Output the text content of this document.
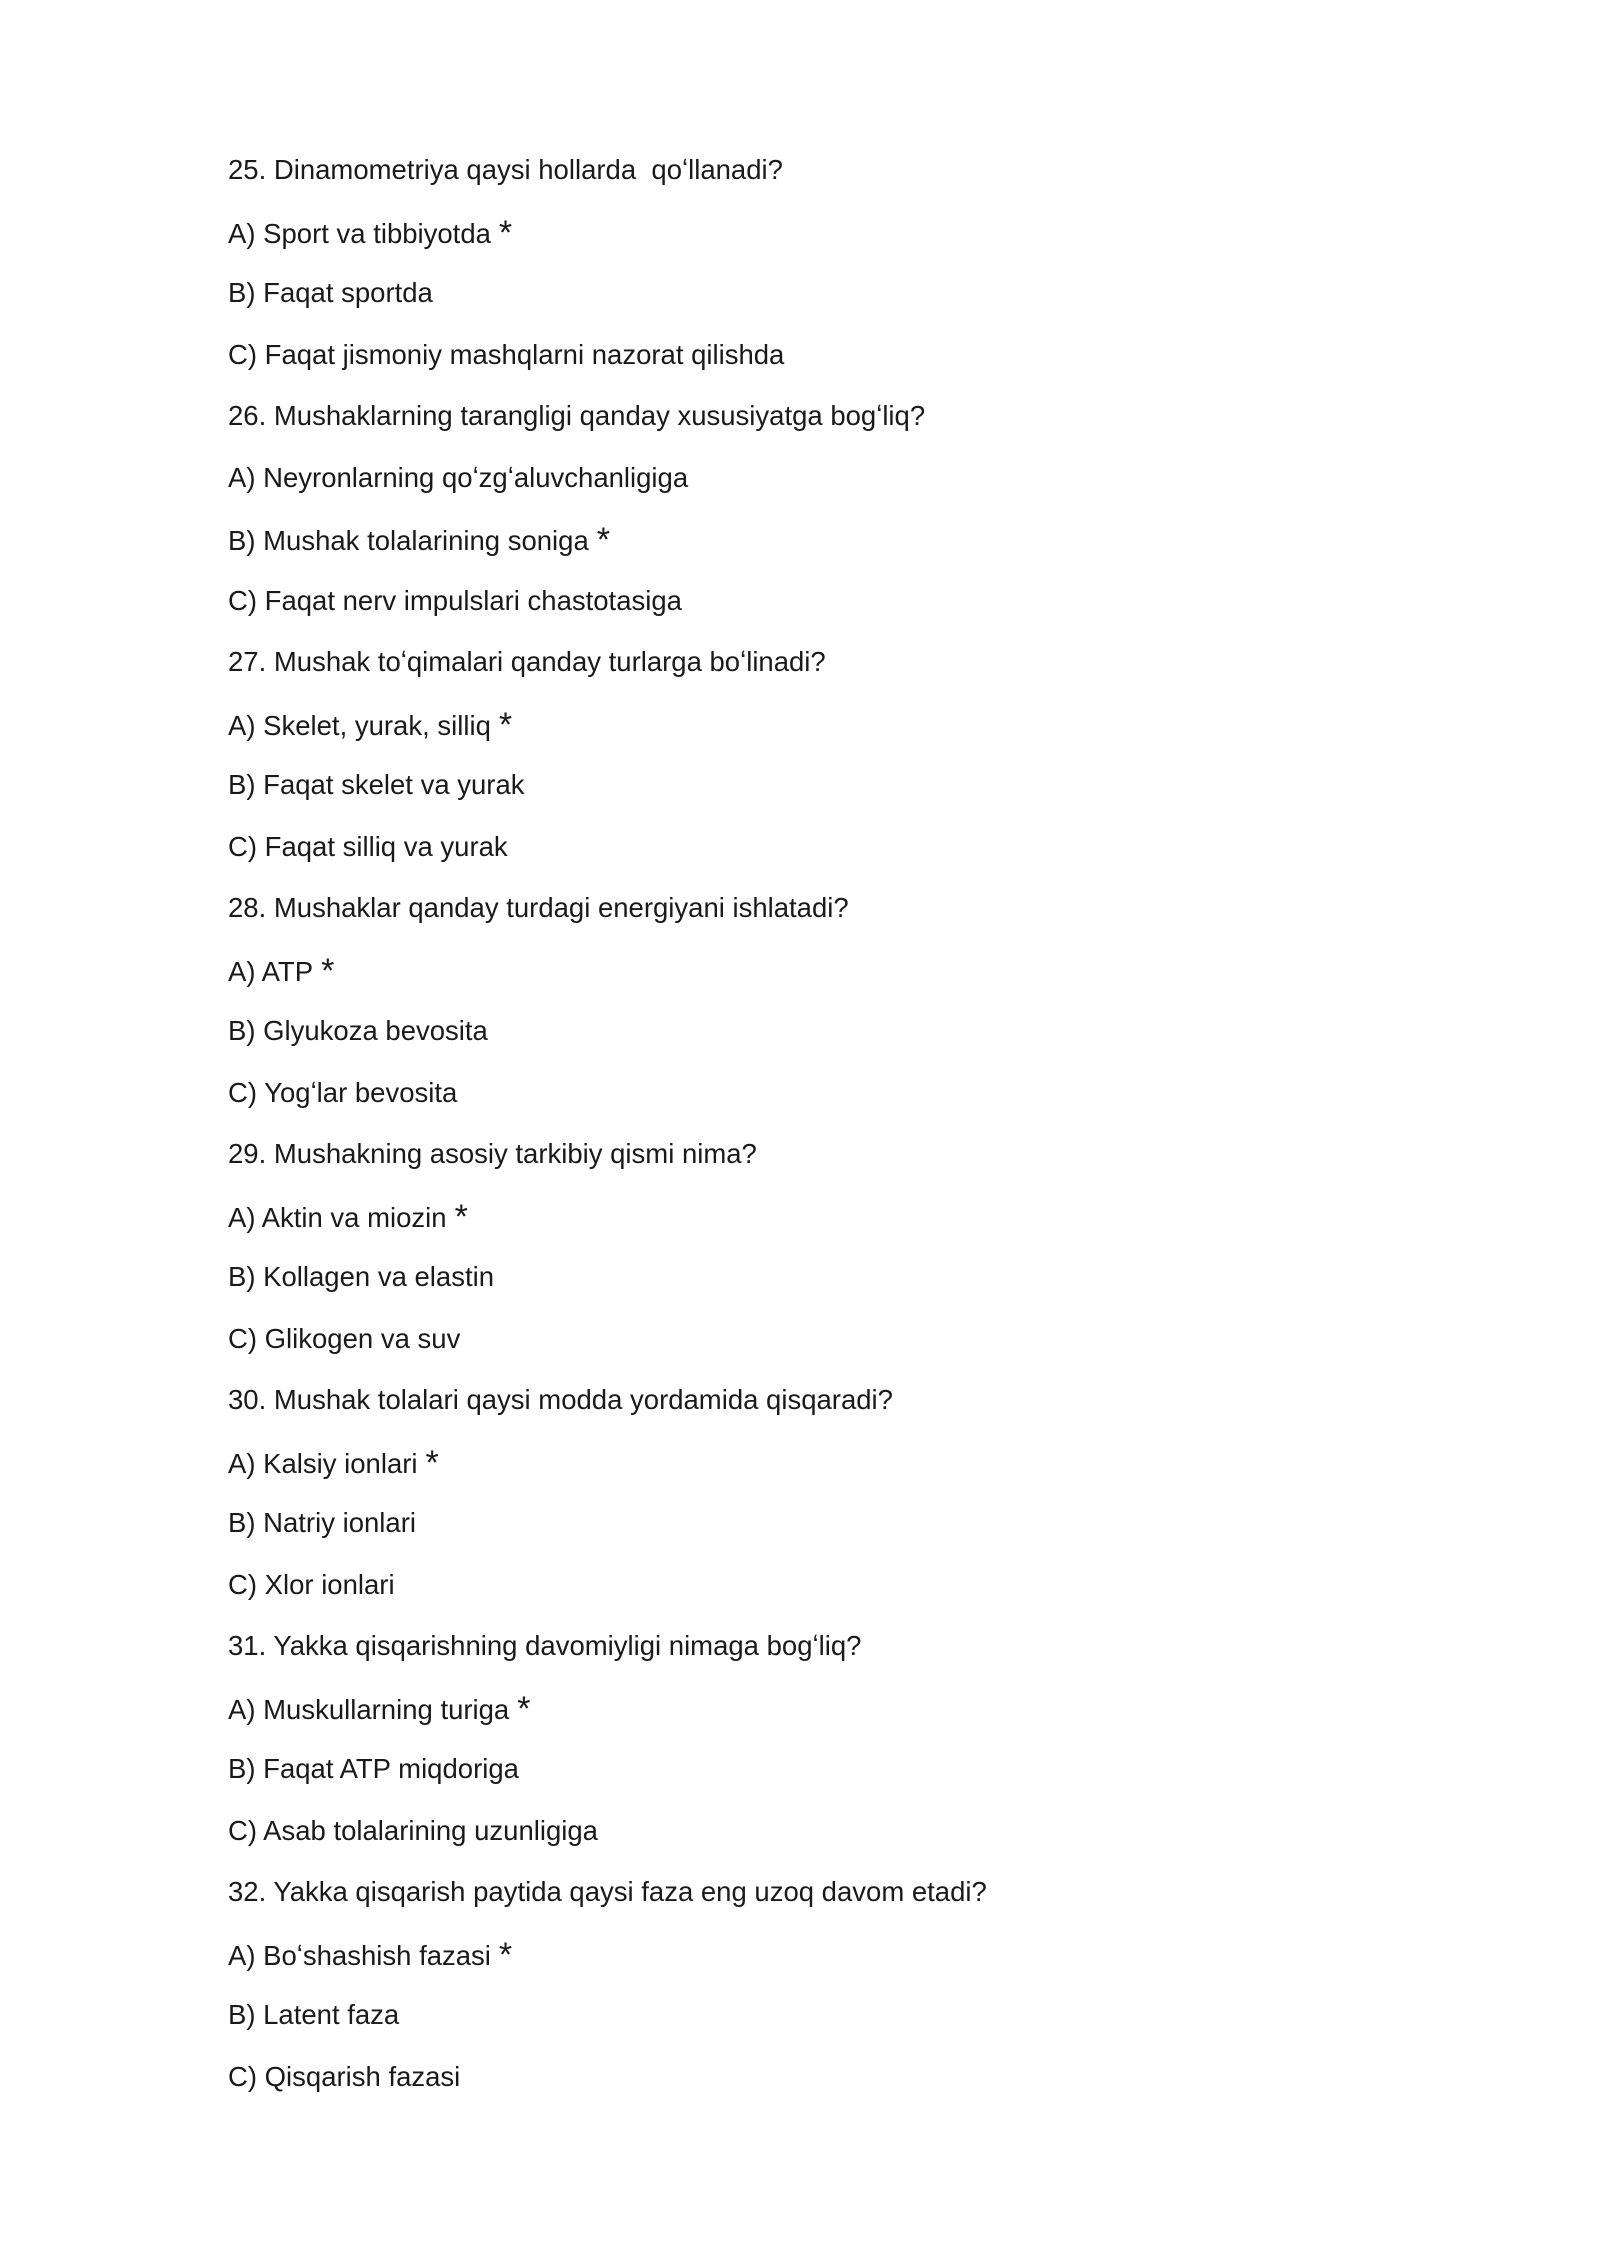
25. Dinamometriya qaysi hollarda  qoʻllanadi?
A) Sport va tibbiyotda *
B) Faqat sportda
C) Faqat jismoniy mashqlarni nazorat qilishda
26. Mushaklarning tarangligi qanday xususiyatga bogʻliq?
A) Neyronlarning qoʻzgʻaluvchanligiga
B) Mushak tolalarining soniga *
C) Faqat nerv impulslari chastotasiga
27. Mushak toʻqimalari qanday turlarga boʻlinadi?
A) Skelet, yurak, silliq *
B) Faqat skelet va yurak
C) Faqat silliq va yurak
28. Mushaklar qanday turdagi energiyani ishlatadi?
A) ATP *
B) Glyukoza bevosita
C) Yogʻlar bevosita
29. Mushakning asosiy tarkibiy qismi nima?
A) Aktin va miozin *
B) Kollagen va elastin
C) Glikogen va suv
30. Mushak tolalari qaysi modda yordamida qisqaradi?
A) Kalsiy ionlari *
B) Natriy ionlari
C) Xlor ionlari
31. Yakka qisqarishning davomiyligi nimaga bogʻliq?
A) Muskullarning turiga *
B) Faqat ATP miqdoriga
C) Asab tolalarining uzunligiga
32. Yakka qisqarish paytida qaysi faza eng uzoq davom etadi?
A) Boʻshashish fazasi *
B) Latent faza
C) Qisqarish fazasi
